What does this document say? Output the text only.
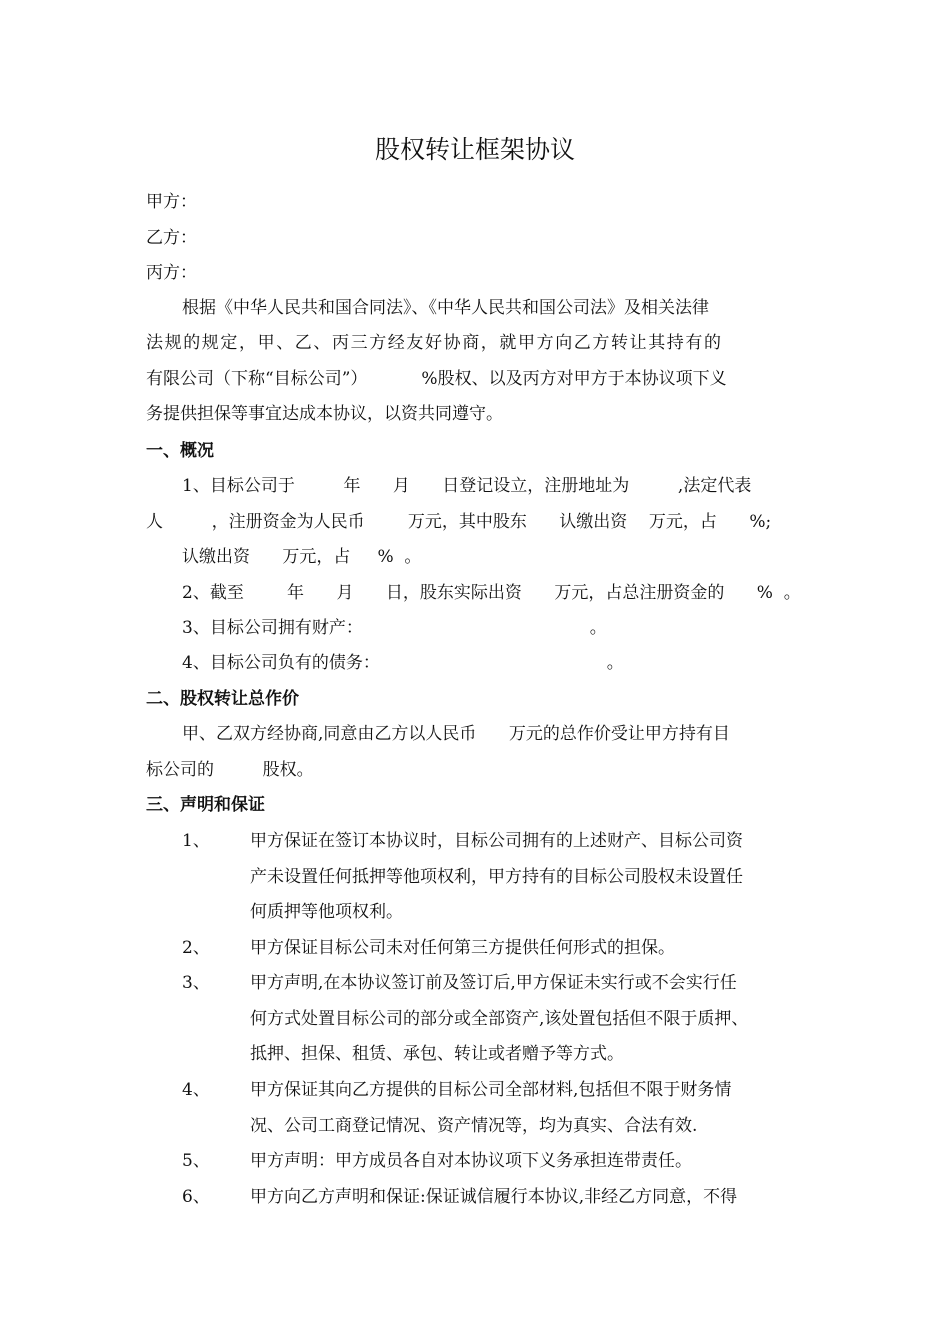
股权转让框架协议
甲方：
乙方：
丙方：
根据《中华人民共和国合同法》、《中华人民共和国公司法》及相关法律
法规的规定，甲、乙、丙三方经友好协商，就甲方向乙方转让其持有的
有限公司（下称“目标公司”）          %股权、以及丙方对甲方于本协议项下义
务提供担保等事宜达成本协议，以资共同遵守。
一、概况
1、目标公司于         年      月      日登记设立，注册地址为         ,法定代表
人         ，注册资金为人民币        万元，其中股东      认缴出资    万元，占      %;
认缴出资      万元，占     %  。
2、截至        年      月      日，股东实际出资      万元，占总注册资金的      %  。
3、目标公司拥有财产：                                          。
4、目标公司负有的债务：                                          。
二、股权转让总作价
甲、乙双方经协商,同意由乙方以人民币      万元的总作价受让甲方持有目
标公司的         股权。
三、声明和保证
1、 甲方保证在签订本协议时，目标公司拥有的上述财产、目标公司资
产未设置任何抵押等他项权利，甲方持有的目标公司股权未设置任
何质押等他项权利。
2、 甲方保证目标公司未对任何第三方提供任何形式的担保。
3、 甲方声明,在本协议签订前及签订后,甲方保证未实行或不会实行任
何方式处置目标公司的部分或全部资产,该处置包括但不限于质押、
抵押、担保、租赁、承包、转让或者赠予等方式。
4、 甲方保证其向乙方提供的目标公司全部材料,包括但不限于财务情
况、公司工商登记情况、资产情况等，均为真实、合法有效.
5、 甲方声明：甲方成员各自对本协议项下义务承担连带责任。
6、 甲方向乙方声明和保证:保证诚信履行本协议,非经乙方同意，不得
